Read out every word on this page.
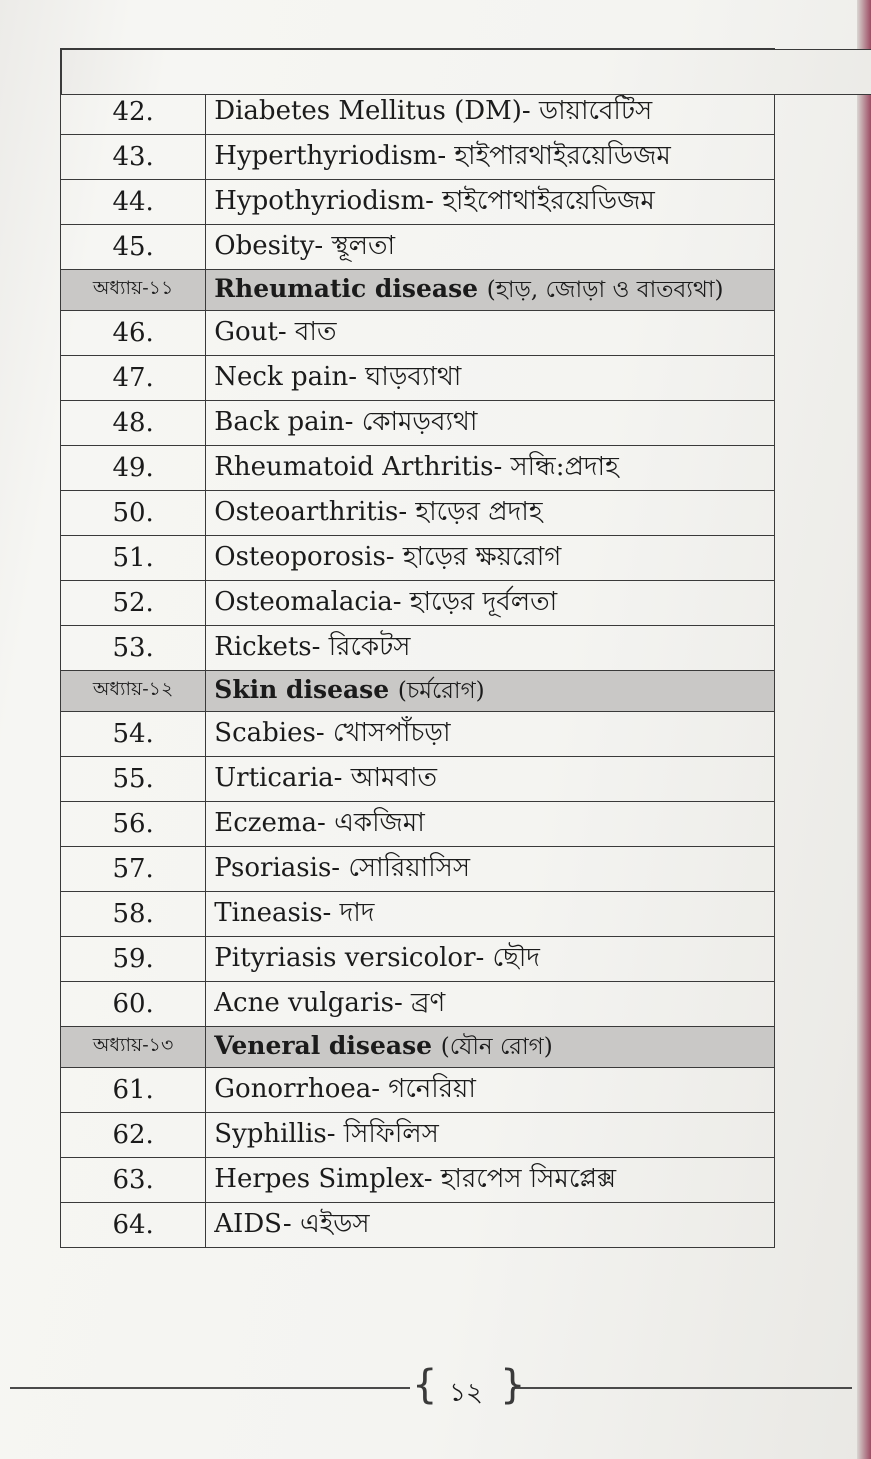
42.	Diabetes Mellitus (DM)- ডায়াবেটিস	

43.	Hyperthyriodism- হাইপারথাইরয়েডিজম	

44.	Hypothyriodism- হাইপোথাইরয়েডিজম	

45.	Obesity- স্থূলতা	

অধ্যায়-১১	Rheumatic disease (হাড়, জোড়া ও বাতব্যথা)	

46.	Gout- বাত	

47.	Neck pain- ঘাড়ব্যাথা	

48.	Back pain- কোমড়ব্যথা	

49.	Rheumatoid Arthritis- সন্ধি:প্রদাহ	

50.	Osteoarthritis- হাড়ের প্রদাহ	

51.	Osteoporosis- হাড়ের ক্ষয়রোগ	

52.	Osteomalacia- হাড়ের দূর্বলতা	

53.	Rickets- রিকেটস	

অধ্যায়-১২	Skin disease (চর্মরোগ)	

54.	Scabies- খোসপাঁচড়া	

55.	Urticaria- আমবাত	

56.	Eczema- একজিমা	

57.	Psoriasis- সোরিয়াসিস	

58.	Tineasis- দাদ	

59.	Pityriasis versicolor- ছৌদ	

60.	Acne vulgaris- ব্রণ	

অধ্যায়-১৩	Veneral disease (যৌন রোগ)	

61.	Gonorrhoea- গনেরিয়া	

62.	Syphillis- সিফিলিস	

63.	Herpes Simplex- হারপেস সিমপ্লেক্স	

64.	AIDS- এইডস	
{ ১২ }
